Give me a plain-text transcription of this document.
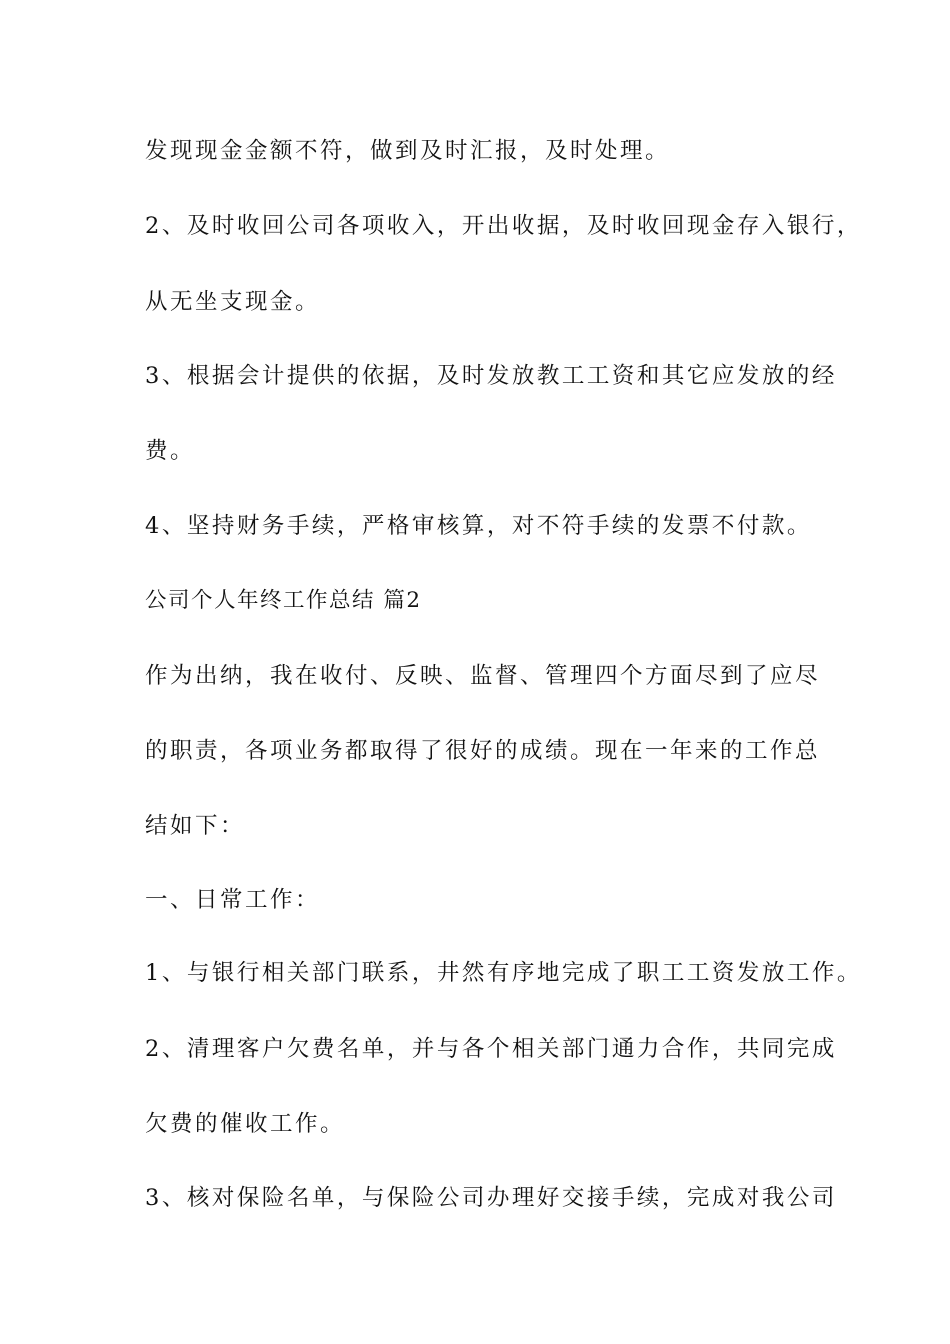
发现现金金额不符，做到及时汇报，及时处理。
2、及时收回公司各项收入，开出收据，及时收回现金存入银行，
从无坐支现金。
3、根据会计提供的依据，及时发放教工工资和其它应发放的经
费。
4、坚持财务手续，严格审核算，对不符手续的发票不付款。
公司个人年终工作总结 篇2
作为出纳，我在收付、反映、监督、管理四个方面尽到了应尽
的职责，各项业务都取得了很好的成绩。现在一年来的工作总
结如下：
一、日常工作：
1、与银行相关部门联系，井然有序地完成了职工工资发放工作。
2、清理客户欠费名单，并与各个相关部门通力合作，共同完成
欠费的催收工作。
3、核对保险名单，与保险公司办理好交接手续，完成对我公司
